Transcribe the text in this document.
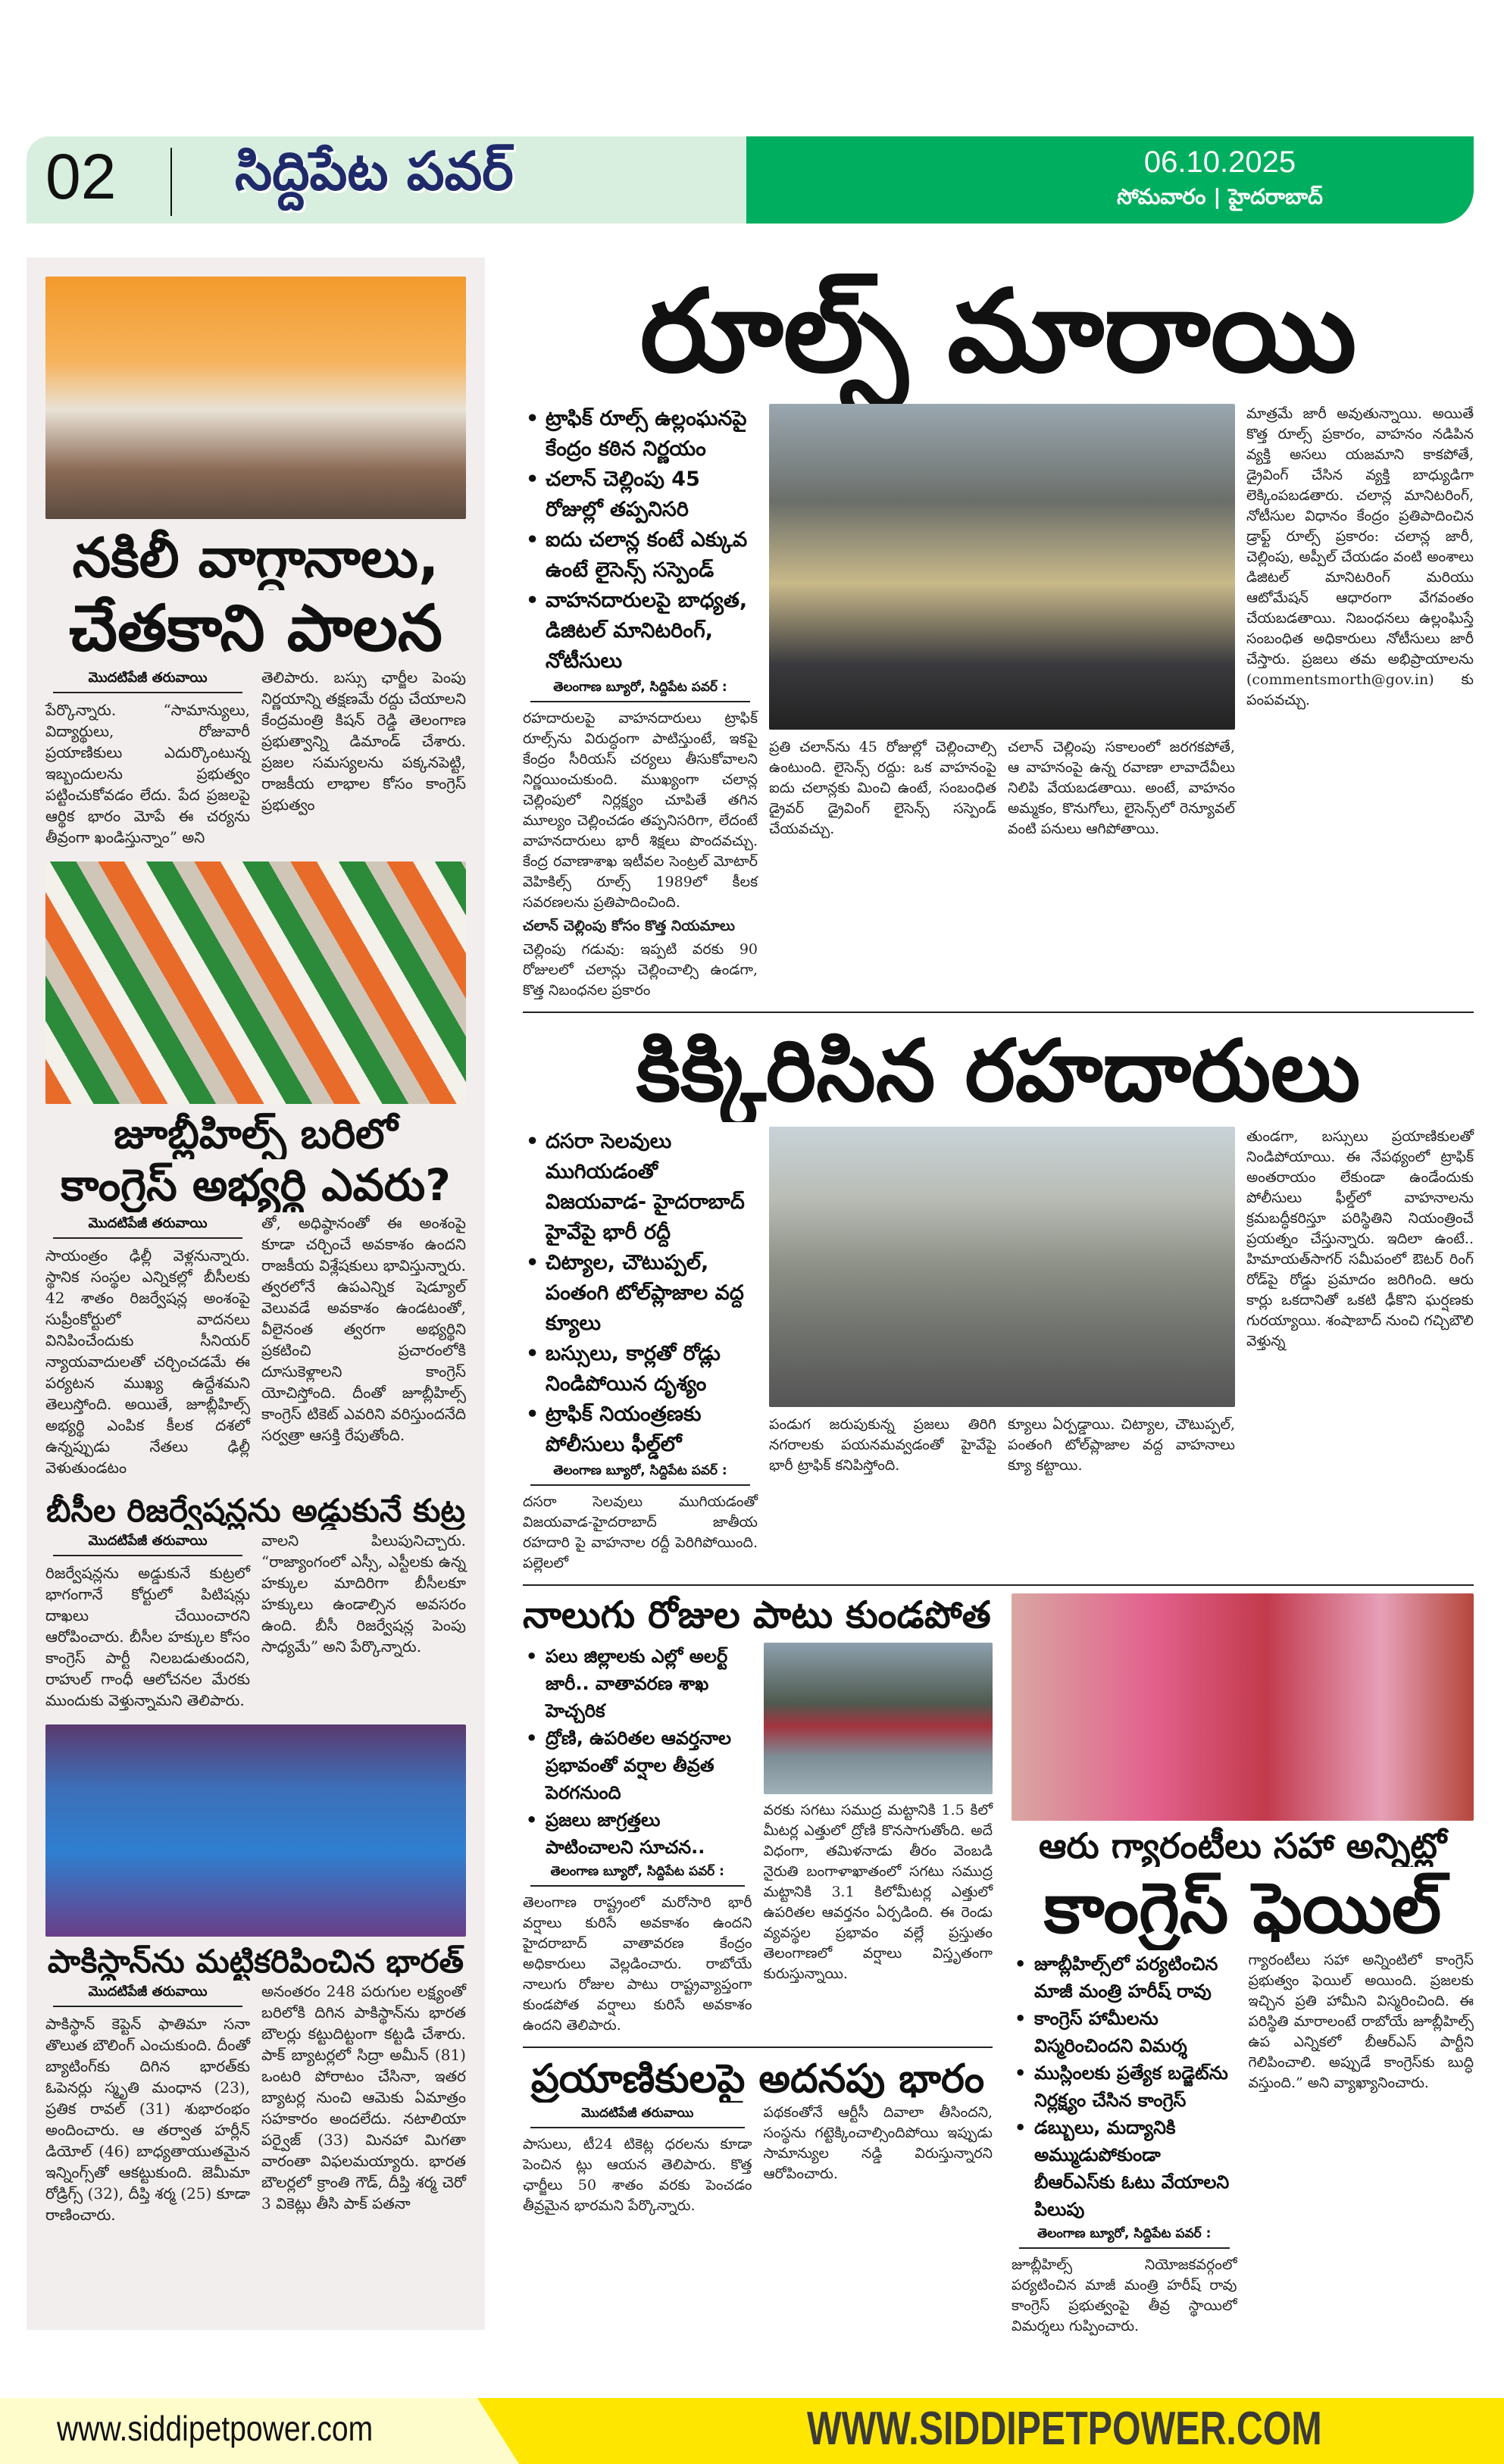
02 సిద్దిపేట పవర్	06.10.2025
సోమవారం | హైదరాబాద్
నకిలీ వాగ్దానాలు,
చేతకాని పాలన
మొదటిపేజీ తరువాయి

పేర్కొన్నారు. “సామాన్యులు, విద్యార్థులు, రోజువారీ ప్రయాణికులు ఎదుర్కొంటున్న ఇబ్బందులను ప్రభుత్వం పట్టించుకోవడం లేదు. పేద ప్రజలపై ఆర్థిక భారం మోపే ఈ చర్యను తీవ్రంగా ఖండిస్తున్నాం” అని

తెలిపారు. బస్సు ఛార్జీల పెంపు నిర్ణయాన్ని తక్షణమే రద్దు చేయాలని కేంద్రమంత్రి కిషన్ రెడ్డి తెలంగాణ ప్రభుత్వాన్ని డిమాండ్ చేశారు. ప్రజల సమస్యలను పక్కనపెట్టి, రాజకీయ లాభాల కోసం కాంగ్రెస్ ప్రభుత్వం

జూబ్లీహిల్స్ బరిలో
కాంగ్రెస్ అభ్యర్థి ఎవరు?
మొదటిపేజీ తరువాయి

సాయంత్రం ఢిల్లీ వెళ్లనున్నారు. స్థానిక సంస్థల ఎన్నికల్లో బీసీలకు 42 శాతం రిజర్వేషన్ల అంశంపై సుప్రీంకోర్టులో వాదనలు వినిపించేందుకు సీనియర్ న్యాయవాదులతో చర్చించడమే ఈ పర్యటన ముఖ్య ఉద్దేశమని తెలుస్తోంది. అయితే, జూబ్లీహిల్స్ అభ్యర్థి ఎంపిక కీలక దశలో ఉన్నప్పుడు నేతలు ఢిల్లీ వెళుతుండటం

తో, అధిష్ఠానంతో ఈ అంశంపై కూడా చర్చించే అవకాశం ఉందని రాజకీయ విశ్లేషకులు భావిస్తున్నారు. త్వరలోనే ఉపఎన్నిక షెడ్యూల్ వెలువడే అవకాశం ఉండటంతో, వీలైనంత త్వరగా అభ్యర్థిని ప్రకటించి ప్రచారంలోకి దూసుకెళ్లాలని కాంగ్రెస్ యోచిస్తోంది. దీంతో జూబ్లీహిల్స్ కాంగ్రెస్ టికెట్ ఎవరిని వరిస్తుందనేది సర్వత్రా ఆసక్తి రేపుతోంది.

బీసీల రిజర్వేషన్లను అడ్డుకునే కుట్ర
మొదటిపేజీ తరువాయి

రిజర్వేషన్లను అడ్డుకునే కుట్రలో భాగంగానే కోర్టులో పిటిషన్లు దాఖలు చేయించారని ఆరోపించారు. బీసీల హక్కుల కోసం కాంగ్రెస్ పార్టీ నిలబడుతుందని, రాహుల్ గాంధీ ఆలోచనల మేరకు ముందుకు వెళ్తున్నామని తెలిపారు.

వాలని పిలుపునిచ్చారు. “రాజ్యాంగంలో ఎస్సీ, ఎస్టీలకు ఉన్న హక్కుల మాదిరిగా బీసీలకూ హక్కులు ఉండాల్సిన అవసరం ఉంది. బీసీ రిజర్వేషన్ల పెంపు సాధ్యమే” అని పేర్కొన్నారు.

పాకిస్థాన్‌ను మట్టికరిపించిన భారత్
మొదటిపేజీ తరువాయి

పాకిస్థాన్ కెప్టెన్ ఫాతిమా సనా తొలుత బౌలింగ్ ఎంచుకుంది. దీంతో బ్యాటింగ్‌కు దిగిన భారత్‌కు ఓపెనర్లు స్మృతి మంధాన (23), ప్రతిక రావల్ (31) శుభారంభం అందించారు. ఆ తర్వాత హర్లీన్ డియోల్ (46) బాధ్యతాయుతమైన ఇన్నింగ్స్‌తో ఆకట్టుకుంది. జెమీమా రోడ్రిగ్స్ (32), దీప్తి శర్మ (25) కూడా రాణించారు.

అనంతరం 248 పరుగుల లక్ష్యంతో బరిలోకి దిగిన పాకిస్థాన్‌ను భారత బౌలర్లు కట్టుదిట్టంగా కట్టడి చేశారు. పాక్ బ్యాటర్లలో సిద్రా అమీన్ (81) ఒంటరి పోరాటం చేసినా, ఇతర బ్యాటర్ల నుంచి ఆమెకు ఏమాత్రం సహకారం అందలేదు. నటాలియా పర్వైజ్ (33) మినహా మిగతా వారంతా విఫలమయ్యారు. భారత బౌలర్లలో క్రాంతి గౌడ్, దీప్తి శర్మ చెరో 3 వికెట్లు తీసి పాక్ పతనా

రూల్స్ మారాయి
• ట్రాఫిక్ రూల్స్ ఉల్లంఘనపై కేంద్రం కఠిన నిర్ణయం
• చలాన్ చెల్లింపు 45 రోజుల్లో తప్పనిసరి
• ఐదు చలాన్ల కంటే ఎక్కువ ఉంటే లైసెన్స్ సస్పెండ్
• వాహనదారులపై బాధ్యత, డిజిటల్ మానిటరింగ్, నోటీసులు
తెలంగాణ బ్యూరో, సిద్దిపేట పవర్ :

రహదారులపై వాహనదారులు ట్రాఫిక్ రూల్స్‌ను విరుద్ధంగా పాటిస్తుంటే, ఇకపై కేంద్రం సీరియస్ చర్యలు తీసుకోవాలని నిర్ణయించుకుంది. ముఖ్యంగా చలాన్ల చెల్లింపులో నిర్లక్ష్యం చూపితే తగిన మూల్యం చెల్లించడం తప్పనిసరిగా, లేదంటే వాహనదారులు భారీ శిక్షలు పొందవచ్చు. కేంద్ర రవాణాశాఖ ఇటీవల సెంట్రల్ మోటార్ వెహికిల్స్ రూల్స్ 1989లో కీలక సవరణలను ప్రతిపాదించింది.

చలాన్ చెల్లింపు కోసం కొత్త నియమాలు

చెల్లింపు గడువు: ఇప్పటి వరకు 90 రోజులలో చలాన్లు చెల్లించాల్సి ఉండగా, కొత్త నిబంధనల ప్రకారం

ప్రతి చలాన్‌ను 45 రోజుల్లో చెల్లించాల్సి ఉంటుంది. లైసెన్స్ రద్దు: ఒక వాహనంపై ఐదు చలాన్లకు మించి ఉంటే, సంబంధిత డ్రైవర్ డ్రైవింగ్ లైసెన్స్ సస్పెండ్ చేయవచ్చు.

చలాన్ చెల్లింపు సకాలంలో జరగకపోతే, ఆ వాహనంపై ఉన్న రవాణా లావాదేవీలు నిలిపి వేయబడతాయి. అంటే, వాహనం అమ్మకం, కొనుగోలు, లైసెన్స్‌లో రెన్యూవల్ వంటి పనులు ఆగిపోతాయి.

మాత్రమే జారీ అవుతున్నాయి. అయితే కొత్త రూల్స్ ప్రకారం, వాహనం నడిపిన వ్యక్తి అసలు యజమాని కాకపోతే, డ్రైవింగ్ చేసిన వ్యక్తి బాధ్యుడిగా లెక్కింపబడతారు. చలాన్ల మానిటరింగ్, నోటీసుల విధానం కేంద్రం ప్రతిపాదించిన డ్రాఫ్ట్ రూల్స్ ప్రకారం: చలాన్ల జారీ, చెల్లింపు, అప్పీల్ చేయడం వంటి అంశాలు డిజిటల్ మానిటరింగ్ మరియు ఆటోమేషన్ ఆధారంగా వేగవంతం చేయబడతాయి. నిబంధనలు ఉల్లంఘిస్తే సంబంధిత అధికారులు నోటీసులు జారీ చేస్తారు. ప్రజలు తమ అభిప్రాయాలను (commentsmorth@gov.in) కు పంపవచ్చు.

కిక్కిరిసిన రహదారులు
• దసరా సెలవులు ముగియడంతో విజయవాడ- హైదరాబాద్ హైవేపై భారీ రద్దీ
• చిట్యాల, చౌటుప్పల్, పంతంగి టోల్‌ప్లాజాల వద్ద క్యూలు
• బస్సులు, కార్లతో రోడ్లు నిండిపోయిన దృశ్యం
• ట్రాఫిక్ నియంత్రణకు పోలీసులు ఫీల్డ్‌లో
తెలంగాణ బ్యూరో, సిద్దిపేట పవర్ :

దసరా సెలవులు ముగియడంతో విజయవాడ-హైదరాబాద్ జాతీయ రహదారి పై వాహనాల రద్దీ పెరిగిపోయింది. పల్లెలలో

పండుగ జరుపుకున్న ప్రజలు తిరిగి నగరాలకు పయనమవ్వడంతో హైవేపై భారీ ట్రాఫిక్ కనిపిస్తోంది.

క్యూలు ఏర్పడ్డాయి. చిట్యాల, చౌటుప్పల్, పంతంగి టోల్‌ప్లాజాల వద్ద వాహనాలు క్యూ కట్టాయి.

తుండగా, బస్సులు ప్రయాణికులతో నిండిపోయాయి. ఈ నేపథ్యంలో ట్రాఫిక్ అంతరాయం లేకుండా ఉండేందుకు పోలీసులు ఫీల్డ్‌లో వాహనాలను క్రమబద్ధీకరిస్తూ పరిస్థితిని నియంత్రించే ప్రయత్నం చేస్తున్నారు. ఇదిలా ఉంటే.. హిమాయత్‌సాగర్ సమీపంలో ఔటర్ రింగ్ రోడ్‌పై రోడ్డు ప్రమాదం జరిగింది. ఆరు కార్లు ఒకదానితో ఒకటి ఢీకొని ఘర్షణకు గురయ్యాయి. శంషాబాద్ నుంచి గచ్చిబౌలి వెళ్తున్న

నాలుగు రోజుల పాటు కుండపోత
• పలు జిల్లాలకు ఎల్లో అలర్ట్ జారీ.. వాతావరణ శాఖ హెచ్చరిక
• ద్రోణి, ఉపరితల ఆవర్తనాల ప్రభావంతో వర్షాల తీవ్రత పెరగనుంది
• ప్రజలు జాగ్రత్తలు పాటించాలని సూచన..
తెలంగాణ బ్యూరో, సిద్దిపేట పవర్ :

తెలంగాణ రాష్ట్రంలో మరోసారి భారీ వర్షాలు కురిసే అవకాశం ఉందని హైదరాబాద్ వాతావరణ కేంద్రం అధికారులు వెల్లడించారు. రాబోయే నాలుగు రోజుల పాటు రాష్ట్రవ్యాప్తంగా కుండపోత వర్షాలు కురిసే అవకాశం ఉందని తెలిపారు.

వరకు సగటు సముద్ర మట్టానికి 1.5 కిలో మీటర్ల ఎత్తులో ద్రోణి కొనసాగుతోంది. అదే విధంగా, తమిళనాడు తీరం వెంబడి నైరుతి బంగాళాఖాతంలో సగటు సముద్ర మట్టానికి 3.1 కిలోమీటర్ల ఎత్తులో ఉపరితల ఆవర్తనం ఏర్పడింది. ఈ రెండు వ్యవస్థల ప్రభావం వల్లే ప్రస్తుతం తెలంగాణలో వర్షాలు విస్తృతంగా కురుస్తున్నాయి.

ప్రయాణికులపై అదనపు భారం
మొదటిపేజీ తరువాయి

పాసులు, టీ24 టికెట్ల ధరలను కూడా పెంచిన ట్లు ఆయన తెలిపారు. కొత్త ఛార్జీలు 50 శాతం వరకు పెంచడం తీవ్రమైన భారమని పేర్కొన్నారు.

పథకంతోనే ఆర్టీసీ దివాలా తీసిందని, సంస్థను గట్టెక్కించాల్సిందిపోయి ఇప్పుడు సామాన్యుల నడ్డి విరుస్తున్నారని ఆరోపించారు.

ఆరు గ్యారంటీలు సహా అన్నిట్లో
కాంగ్రెస్ ఫెయిల్
• జూబ్లీహిల్స్‌లో పర్యటించిన మాజీ మంత్రి హరీష్ రావు
• కాంగ్రెస్ హామీలను విస్మరించిందని విమర్శ
• ముస్లింలకు ప్రత్యేక బడ్జెట్‌ను నిర్లక్ష్యం చేసిన కాంగ్రెస్
• డబ్బులు, మద్యానికి అమ్ముడుపోకుండా బీఆర్ఎస్‌కు ఓటు వేయాలని పిలుపు
తెలంగాణ బ్యూరో, సిద్దిపేట పవర్ :

జూబ్లీహిల్స్ నియోజకవర్గంలో పర్యటించిన మాజీ మంత్రి హరీష్ రావు కాంగ్రెస్ ప్రభుత్వంపై తీవ్ర స్థాయిలో విమర్శలు గుప్పించారు.

గ్యారంటీలు సహా అన్నింటిలో కాంగ్రెస్ ప్రభుత్వం ఫెయిల్ అయింది. ప్రజలకు ఇచ్చిన ప్రతి హామీని విస్మరించింది. ఈ పరిస్థితి మారాలంటే రాబోయే జూబ్లీహిల్స్ ఉప ఎన్నికలో బీఆర్ఎస్ పార్టీని గెలిపించాలి. అప్పుడే కాంగ్రెస్‌కు బుద్ధి వస్తుంది.” అని వ్యాఖ్యానించారు.

www.siddipetpower.com	WWW.SIDDIPETPOWER.COM
